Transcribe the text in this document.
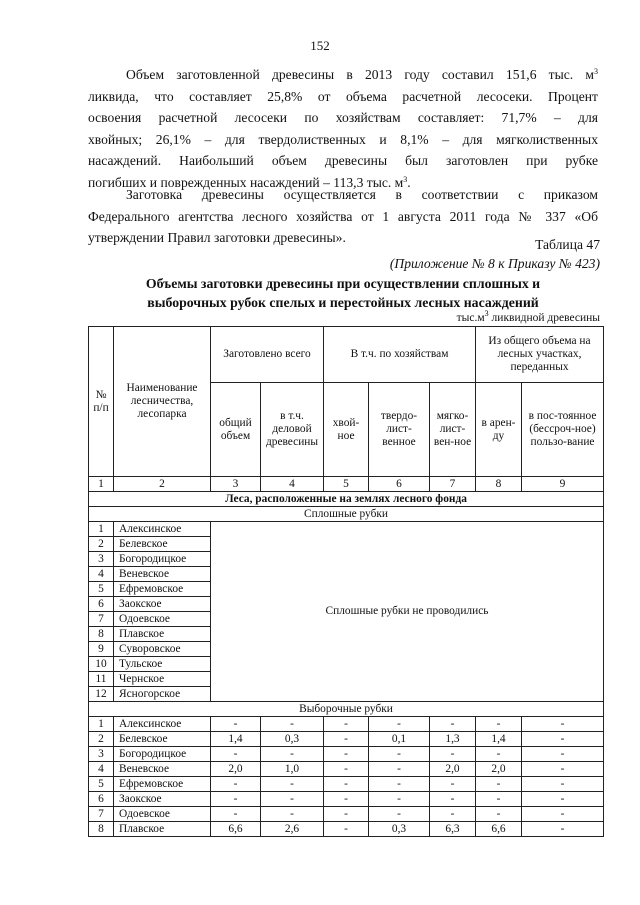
152
Объем заготовленной древесины в 2013 году составил 151,6 тыс. $м^3$
ликвида, что составляет 25,8% от объема расчетной лесосеки. Процент
освоения расчетной лесосеки по хозяйствам составляет: 71,7% – для
хвойных; 26,1% – для твердолиственных и 8,1% – для мягколиственных
насаждений. Наибольший объем древесины был заготовлен при рубке
погибших и поврежденных насаждений – 113,3 тыс. $м^3$.
Заготовка древесины осуществляется в соответствии с приказом
Федерального агентства лесного хозяйства от 1 августа 2011 года № 337 «Об
утверждении Правил заготовки древесины».	Таблица 47
(Приложение № 8 к Приказу № 423)
Объемы заготовки древесины при осуществлении сплошных и
выборочных рубок спелых и перестойных лесных насаждений
$тыс.м^3$ ликвидной древесины
№ п/п	Наименование лесничества, лесопарка	Заготовлено всего		В т.ч. по хозяйствам			Из общего объема на лесных участках, переданных	
		общий объем	в т.ч. деловой древесины	хвой-ное	твердо-лист-венное	мягко-лист-вен-ное	в арен-ду	в пос-тоянное (бессроч-ное) пользо-вание
1	2	3	4	5	6	7	8	9
Леса, расположенные на землях лесного фонда								
Сплошные рубки								
1	Алексинское	Сплошные рубки не проводились						
2	Белевское							
3	Богородицкое							
4	Веневское							
5	Ефремовское							
6	Заокское							
7	Одоевское							
8	Плавское							
9	Суворовское							
10	Тульское							
11	Чернское							
12	Ясногорское							
Выборочные рубки								
1	Алексинское	-	-	-	-	-	-	-
2	Белевское	1,4	0,3	-	0,1	1,3	1,4	-
3	Богородицкое	-	-	-	-	-	-	-
4	Веневское	2,0	1,0	-	-	2,0	2,0	-
5	Ефремовское	-	-	-	-	-	-	-
6	Заокское	-	-	-	-	-	-	-
7	Одоевское	-	-	-	-	-	-	-
8	Плавское	6,6	2,6	-	0,3	6,3	6,6	-
